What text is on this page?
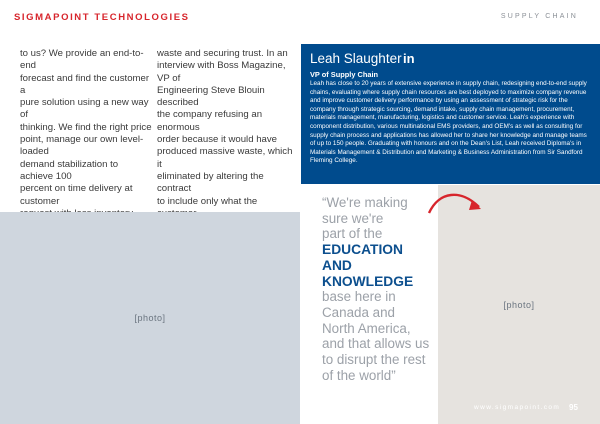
SIGMAPOINT TECHNOLOGIES	SUPPLY CHAIN
to us? We provide an end-to-end
forecast and find the customer a
pure solution using a new way of
thinking. We find the right price
point, manage our own level-loaded
demand stabilization to achieve 100
percent on time delivery at customer

waste and securing trust. In an
interview with Boss Magazine, VP of
Engineering Steve Blouin described
the company refusing an enormous
order because it would have
produced massive waste, which it
eliminated by altering the contract
to include only what the

[photo]
Leah Slaughter in
VP of Supply Chain
Leah has close to 20 years of extensive experience in supply chain, redesigning end-to-end supply chains, evaluating where supply chain resources are best deployed to maximize company revenue and improve customer delivery performance by using an assessment of strategic risk for the company through strategic sourcing, demand intake, supply chain management, procurement, materials management, manufacturing, logistics and customer service. Leah's experience with component distribution, various multinational EMS providers, and OEM's as well as consulting for supply chain process and applications has allowed her to share her knowledge and manage teams of up to 150 people. Graduating with honours and on the Dean's List, Leah received Diploma's in Materials Management & Distribution and Marketing & Business Administration from Sir Sandford Fleming College.
[photo]
“We're making
sure we're
part of the
EDUCATION
AND
KNOWLEDGE
base here in
Canada and
North America,
and that allows us
to disrupt the rest
of the world”
www.sigmapoint.com 95
